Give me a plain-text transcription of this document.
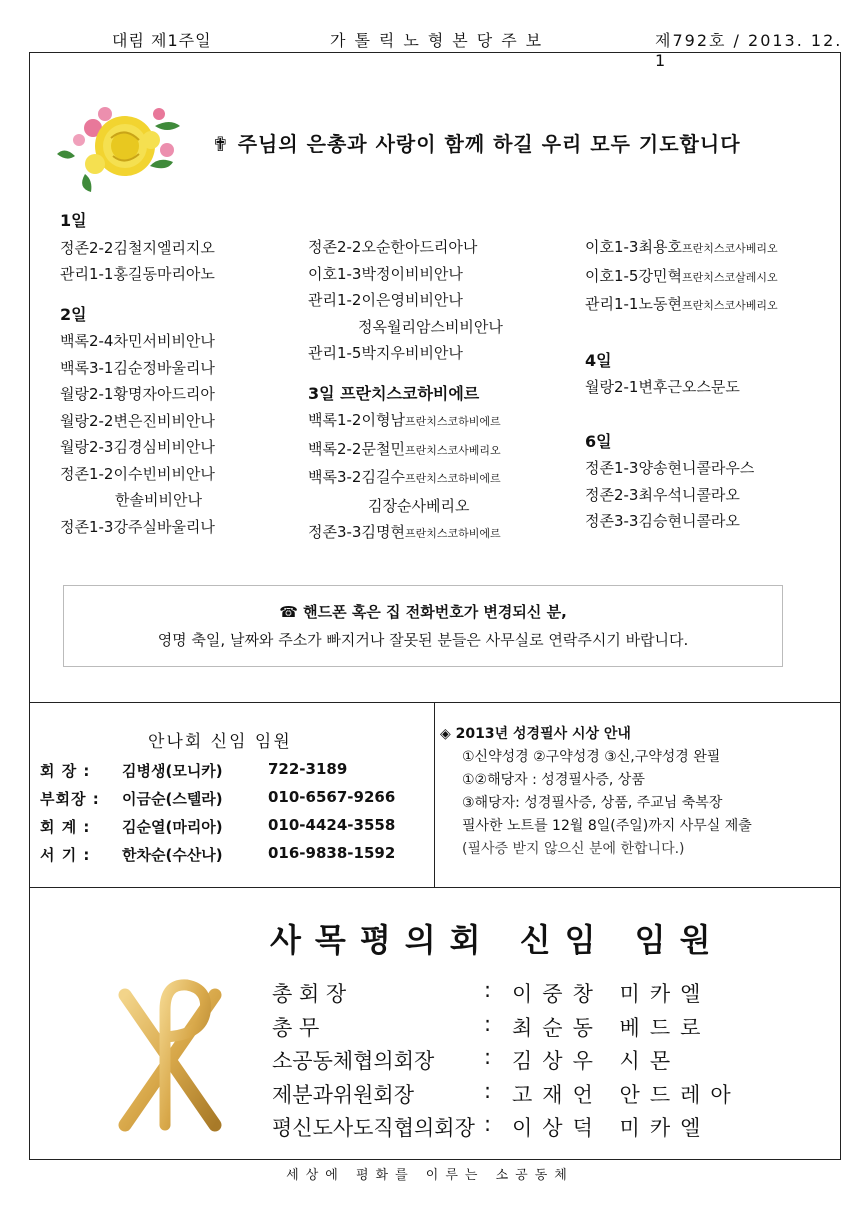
대림 제1주일	가톨릭노형본당주보	제792호 / 2013. 12. 1
✟ 주님의 은총과 사랑이 함께 하길 우리 모두 기도합니다
1일
정존2-2김철지엘리지오
관리1-1홍길동마리아노
2일
백록2-4차민서비비안나
백록3-1김순정바울리나
월랑2-1황명자아드리아
월랑2-2변은진비비안나
월랑2-3김경심비비안나
정존1-2이수빈비비안나
한솔비비안나
정존1-3강주실바울리나
정존2-2오순한아드리아나
이호1-3박정이비비안나
관리1-2이은영비비안나
정옥월리암스비비안나
관리1-5박지우비비안나
3일 프란치스코하비에르
백록1-2이형남프란치스코하비에르
백록2-2문철민프란치스코사베리오
백록3-2김길수프란치스코하비에르
김장순사베리오
정존3-3김명현프란치스코하비에르
이호1-3최용호프란치스코사베리오
이호1-5강민혁프란치스코살레시오
관리1-1노동현프란치스코사베리오
4일
월랑2-1변후근오스문도
6일
정존1-3양송현니콜라우스
정존2-3최우석니콜라오
정존3-3김승현니콜라오
☎ 핸드폰 혹은 집 전화번호가 변경되신 분,
영명 축일, 날짜와 주소가 빠지거나 잘못된 분들은 사무실로 연락주시기 바랍니다.
안나회 신임 임원
회 장 :	김병생(모니카)	722-3189
부회장 :	이금순(스텔라)	010-6567-9266
회 계 :	김순열(마리아)	010-4424-3558
서 기 :	한차순(수산나)	016-9838-1592
◈ 2013년 성경필사 시상 안내
①신약성경 ②구약성경 ③신,구약성경 완필
①②해당자 : 성경필사증, 상품
③해당자: 성경필사증, 상품, 주교님 축복장
필사한 노트를 12월 8일(주일)까지 사무실 제출
(필사증 받지 않으신 분에 한합니다.)
사목평의회 신임 임원
총 회 장	: 이중창 미카엘
총 무	: 최순동 베드로
소공동체협의회장	: 김상우 시몬
제분과위원회장	: 고재언 안드레아
평신도사도직협의회장 : 이상덕 미카엘
세상에 평화를 이루는 소공동체
